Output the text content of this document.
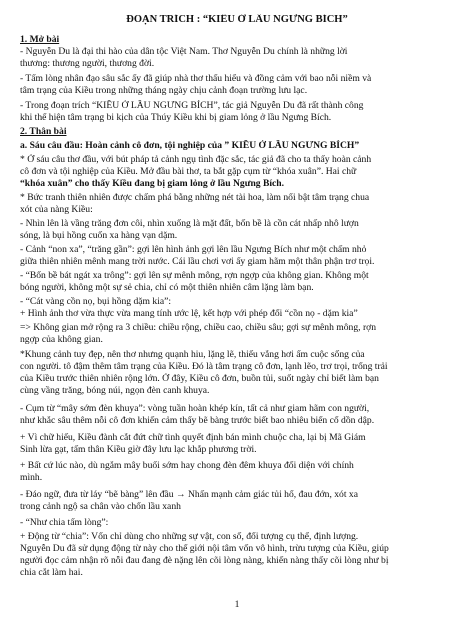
ĐOẠN TRÍCH : “KIỀU Ở LẦU NGƯNG BÍCH”
1. Mở bài
- Nguyễn Du là đại thi hào của dân tộc Việt Nam. Thơ Nguyễn Du chính là những lời
thương: thương người, thương đời.
- Tấm lòng nhân đạo sâu sắc ấy đã giúp nhà thơ thấu hiểu và đồng cảm với bao nỗi niềm và
tâm trạng của Kiều trong những tháng ngày chịu cảnh đoạn trường lưu lạc.
- Trong đoạn trích “KIỀU Ở LẦU NGƯNG BÍCH”, tác giả Nguyễn Du đã rất thành công
khi thể hiện tâm trạng bi kịch của Thúy Kiều khi bị giam lỏng ở lầu Ngưng Bích.
2. Thân bài
a. Sáu câu đầu: Hoàn cảnh cô đơn, tội nghiệp của ” KIỀU Ở LẦU NGƯNG BÍCH”
* Ở sáu câu thơ đầu, với bút pháp tả cảnh ngụ tình đặc sắc, tác giả đã cho ta thấy hoàn cảnh
cô đơn và tội nghiệp của Kiều. Mở đầu bài thơ, ta bắt gặp cụm từ “khóa xuân”. Hai chữ
“khóa xuân” cho thấy Kiều đang bị giam lỏng ở lầu Ngưng Bích.
* Bức tranh thiên nhiên được chấm phá bằng những nét tài hoa, làm nổi bật tâm trạng chua
xót của nàng Kiều:
- Nhìn lên là vầng trăng đơn côi, nhìn xuống là mặt đất, bốn bề là cồn cát nhấp nhô lượn
sóng, là bụi hồng cuốn xa hàng vạn dặm.
- Cảnh “non xa”, “trăng gần”: gợi lên hình ảnh gợi lên lầu Ngưng Bích như một chấm nhỏ
giữa thiên nhiên mênh mang trời nước. Cái lầu chơi vơi ấy giam hãm một thân phận trơ trọi.
- “Bốn bề bát ngát xa trông”: gợi lên sự mênh mông, rợn ngợp của không gian. Không một
bóng người, không một sự sẻ chia, chỉ có một thiên nhiên câm lặng làm bạn.
- “Cát vàng cồn nọ, bụi hồng dặm kia”:
+ Hình ảnh thơ vừa thực vừa mang tính ước lệ, kết hợp với phép đối “cồn nọ - dặm kia”
=> Không gian mở rộng ra 3 chiều: chiều rộng, chiều cao, chiều sâu; gợi sự mênh mông, rợn
ngợp của không gian.
*Khung cảnh tuy đẹp, nên thơ nhưng quạnh hiu, lặng lẽ, thiếu vắng hơi ấm cuộc sống của
con người. tô đậm thêm tâm trạng của Kiều. Đó là tâm trạng cô đơn, lạnh lẽo, trơ trọi, trống trải
của Kiều trước thiên nhiên rộng lớn. Ở đây, Kiều cô đơn, buồn tủi, suốt ngày chỉ biết làm bạn
cùng vầng trăng, bóng núi, ngọn đèn canh khuya.
- Cụm từ “mây sớm đèn khuya”: vòng tuần hoàn khép kín, tất cả như giam hãm con người,
như khắc sâu thêm nỗi cô đơn khiến cảm thấy bẽ bàng trước biết bao nhiêu biến cố dồn dập.
+ Vì chữ hiếu, Kiều đành cắt đứt chữ tình quyết định bán mình chuộc cha, lại bị Mã Giám
Sinh lừa gạt, tấm thân Kiều giờ đây lưu lạc khắp phương trời.
+ Bất cứ lúc nào, dù ngắm mây buổi sớm hay chong đèn đêm khuya đối diện với chính
mình.
- Đáo ngữ, đưa từ láy “bẽ bàng” lên đầu → Nhấn mạnh cảm giác tủi hổ, đau đớn, xót xa
trong cảnh ngộ sa chân vào chốn lầu xanh
- “Như chia tấm lòng”:
+ Động từ “chia”: Vốn chỉ dùng cho những sự vật, con số, đối tượng cụ thể, định lượng.
Nguyễn Du đã sử dụng động từ này cho thế giới nội tâm vốn vô hình, trừu tượng của Kiều, giúp
người đọc cảm nhận rõ nỗi đau đang đè nặng lên cõi lòng nàng, khiến nàng thấy cõi lòng như bị
chia cắt làm hai.
1
